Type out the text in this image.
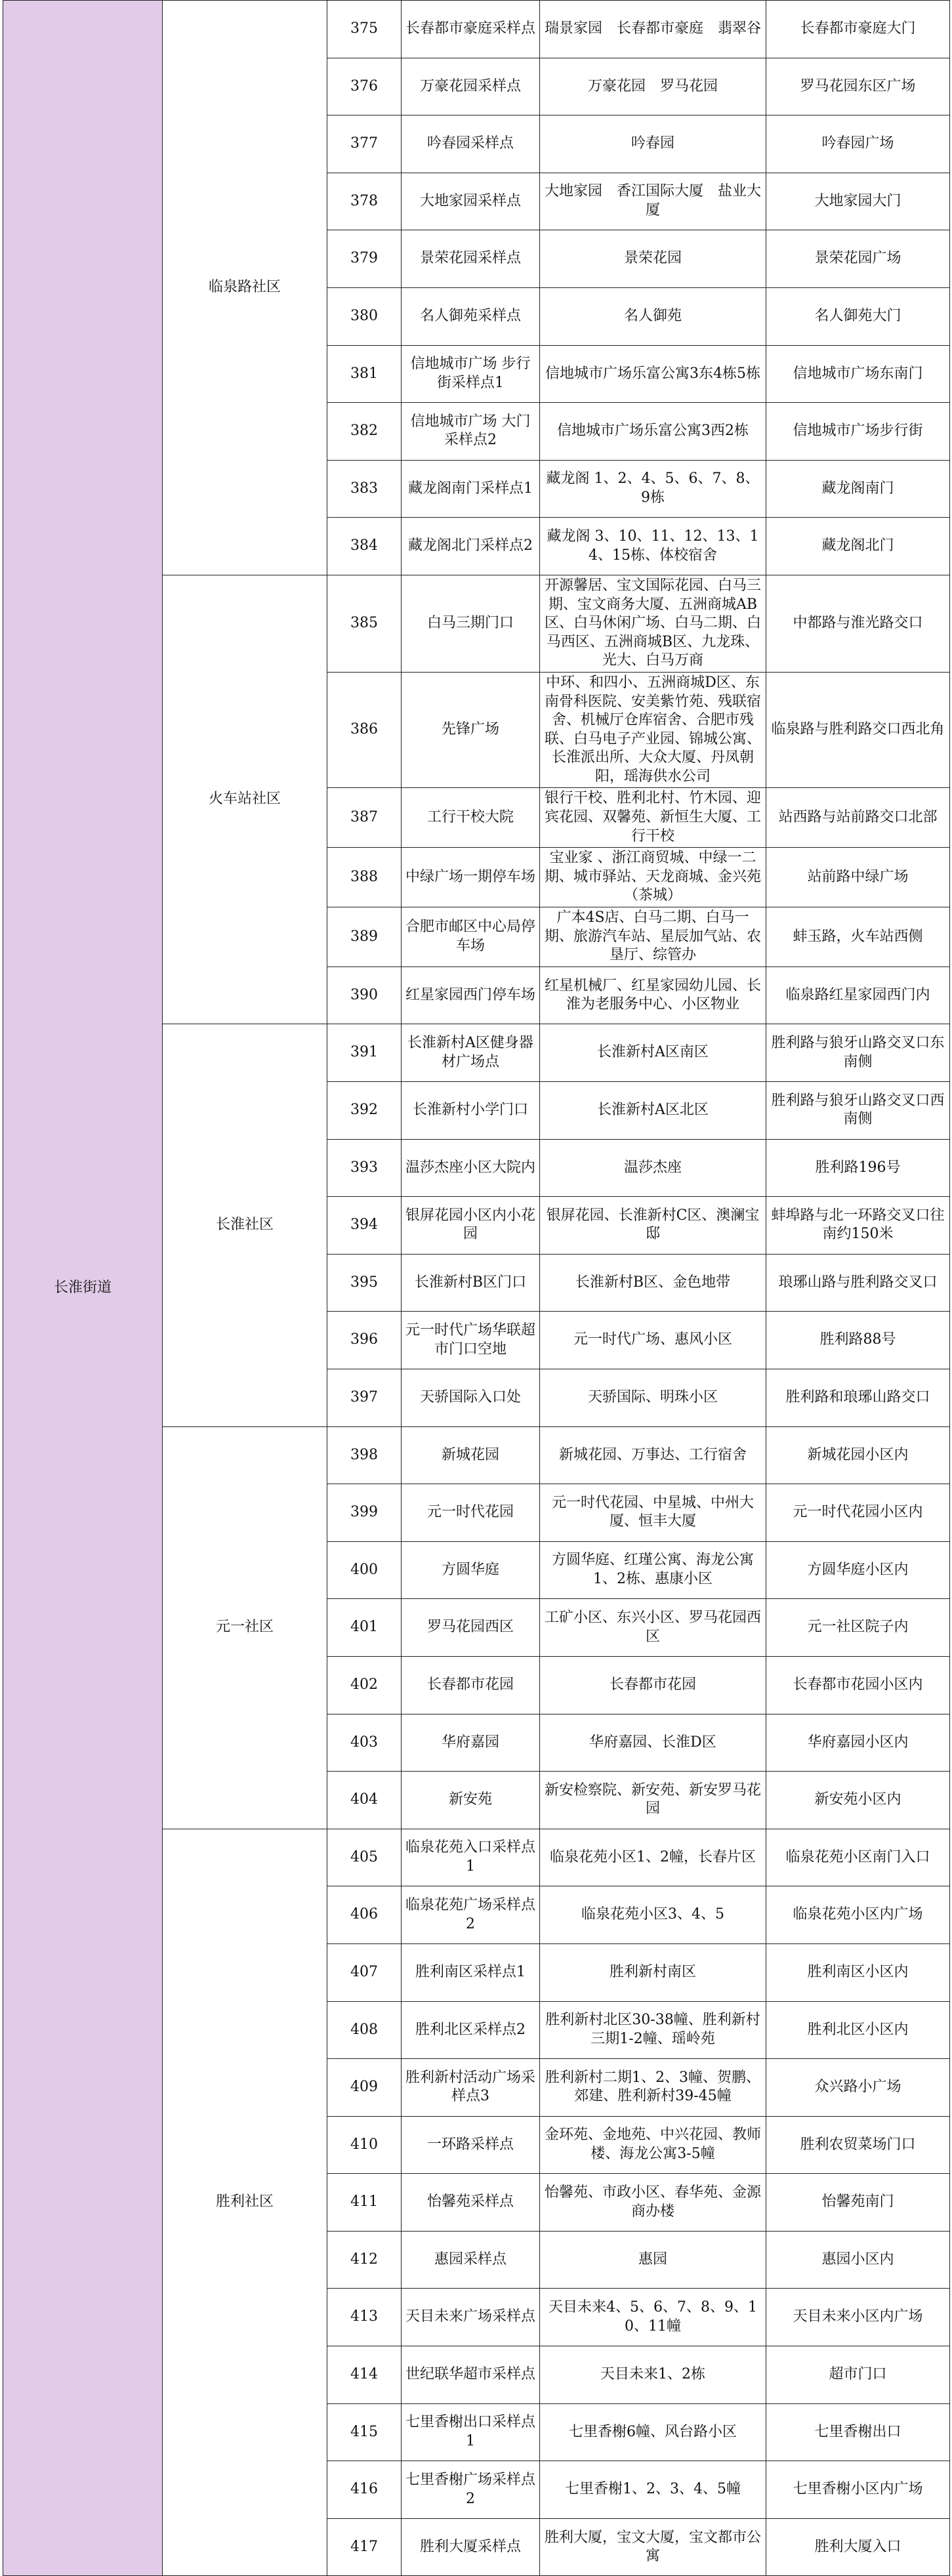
长淮街道	临泉路社区	375	长春都市豪庭采样点	瑞景家园　长春都市豪庭　翡翠谷	长春都市豪庭大门
		376	万豪花园采样点	万豪花园　罗马花园	罗马花园东区广场
		377	吟春园采样点	吟春园	吟春园广场
		378	大地家园采样点	大地家园　香江国际大厦　盐业大厦	大地家园大门
		379	景荣花园采样点	景荣花园	景荣花园广场
		380	名人御苑采样点	名人御苑	名人御苑大门
		381	信地城市广场 步行街采样点1	信地城市广场乐富公寓3东4栋5栋	信地城市广场东南门
		382	信地城市广场 大门采样点2	信地城市广场乐富公寓3西2栋	信地城市广场步行街
		383	藏龙阁南门采样点1	藏龙阁 1、2、4、5、6、7、8、9栋	藏龙阁南门
		384	藏龙阁北门采样点2	藏龙阁 3、10、11、12、13、14、15栋、体校宿舍	藏龙阁北门
	火车站社区	385	白马三期门口	开源馨居、宝文国际花园、白马三期、宝文商务大厦、五洲商城AB区、白马休闲广场、白马二期、白马西区、五洲商城B区、九龙珠、光大、白马万商	中都路与淮光路交口
		386	先锋广场	中环、和四小、五洲商城D区、东南骨科医院、安美紫竹苑、残联宿舍、机械厅仓库宿舍、合肥市残联、白马电子产业园、锦城公寓、长淮派出所、大众大厦、丹凤朝阳，瑶海供水公司	临泉路与胜利路交口西北角
		387	工行干校大院	银行干校、胜利北村、竹木园、迎宾花园、双馨苑、新恒生大厦、工行干校	站西路与站前路交口北部
		388	中绿广场一期停车场	宝业家 、浙江商贸城、中绿一二期、城市驿站、天龙商城、金兴苑（茶城）	站前路中绿广场
		389	合肥市邮区中心局停车场	广本4S店、白马二期、白马一期、旅游汽车站、星辰加气站、农垦厅、综管办	蚌玉路，火车站西侧
		390	红星家园西门停车场	红星机械厂、红星家园幼儿园、长淮为老服务中心、小区物业	临泉路红星家园西门内
	长淮社区	391	长淮新村A区健身器材广场点	长淮新村A区南区	胜利路与狼牙山路交叉口东南侧
		392	长淮新村小学门口	长淮新村A区北区	胜利路与狼牙山路交叉口西南侧
		393	温莎杰座小区大院内	温莎杰座	胜利路196号
		394	银屏花园小区内小花园	银屏花园、长淮新村C区、澳澜宝邸	蚌埠路与北一环路交叉口往南约150米
		395	长淮新村B区门口	长淮新村B区、金色地带	琅琊山路与胜利路交叉口
		396	元一时代广场华联超市门口空地	元一时代广场、惠风小区	胜利路88号
		397	天骄国际入口处	天骄国际、明珠小区	胜利路和琅琊山路交口
	元一社区	398	新城花园	新城花园、万事达、工行宿舍	新城花园小区内
		399	元一时代花园	元一时代花园、中星城、中州大厦、恒丰大厦	元一时代花园小区内
		400	方圆华庭	方圆华庭、红瑾公寓、海龙公寓1、2栋、惠康小区	方圆华庭小区内
		401	罗马花园西区	工矿小区、东兴小区、罗马花园西区	元一社区院子内
		402	长春都市花园	长春都市花园	长春都市花园小区内
		403	华府嘉园	华府嘉园、长淮D区	华府嘉园小区内
		404	新安苑	新安检察院、新安苑、新安罗马花园	新安苑小区内
	胜利社区	405	临泉花苑入口采样点1	临泉花苑小区1、2幢，长春片区	临泉花苑小区南门入口
		406	临泉花苑广场采样点2	临泉花苑小区3、4、5	临泉花苑小区内广场
		407	胜利南区采样点1	胜利新村南区	胜利南区小区内
		408	胜利北区采样点2	胜利新村北区30-38幢、胜利新村三期1-2幢、瑶岭苑	胜利北区小区内
		409	胜利新村活动广场采样点3	胜利新村二期1、2、3幢、贺鹏、郊建、胜利新村39-45幢	众兴路小广场
		410	一环路采样点	金环苑、金地苑、中兴花园、教师楼、海龙公寓3-5幢	胜利农贸菜场门口
		411	怡馨苑采样点	怡馨苑、市政小区、春华苑、金源商办楼	怡馨苑南门
		412	惠园采样点	惠园	惠园小区内
		413	天目未来广场采样点	天目未来4、5、6、7、8、9、10、11幢	天目未来小区内广场
		414	世纪联华超市采样点	天目未来1、2栋	超市门口
		415	七里香榭出口采样点1	七里香榭6幢、风台路小区	七里香榭出口
		416	七里香榭广场采样点2	七里香榭1、2、3、4、5幢	七里香榭小区内广场
		417	胜利大厦采样点	胜利大厦，宝文大厦，宝文都市公寓	胜利大厦入口
